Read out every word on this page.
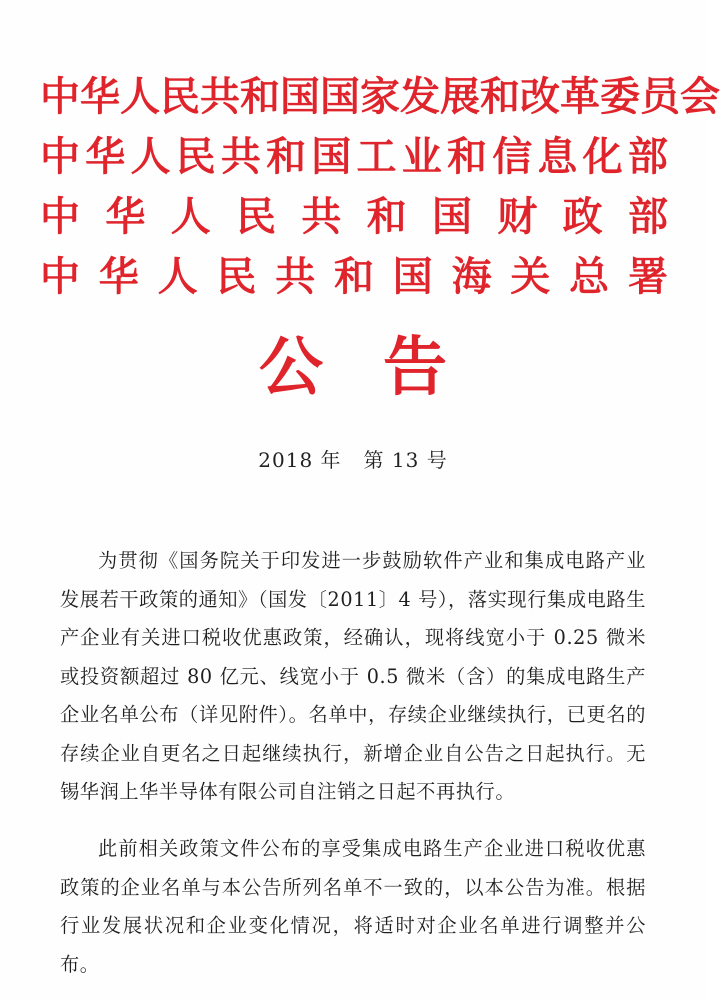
中 华 人 民 共 和 国 国 家 发 展 和 改 革 委 员 会
中 华 人 民 共 和 国 工 业 和 信 息 化 部
中 华 人 民 共 和 国 财 政 部
中 华 人 民 共 和 国 海 关 总 署
公告
2018 年 第 13 号

为贯彻《国务院关于印发进一步鼓励软件产业和集成电路产业发展若干政策的通知》（国发〔2011〕4 号），落实现行集成电路生产企业有关进口税收优惠政策，经确认，现将线宽小于 0.25 微米或投资额超过 80 亿元、线宽小于 0.5 微米（含）的集成电路生产企业名单公布（详见附件）。名单中，存续企业继续执行，已更名的存续企业自更名之日起继续执行，新增企业自公告之日起执行。无锡华润上华半导体有限公司自注销之日起不再执行。

此前相关政策文件公布的享受集成电路生产企业进口税收优惠政策的企业名单与本公告所列名单不一致的，以本公告为准。根据行业发展状况和企业变化情况，将适时对企业名单进行调整并公布。
